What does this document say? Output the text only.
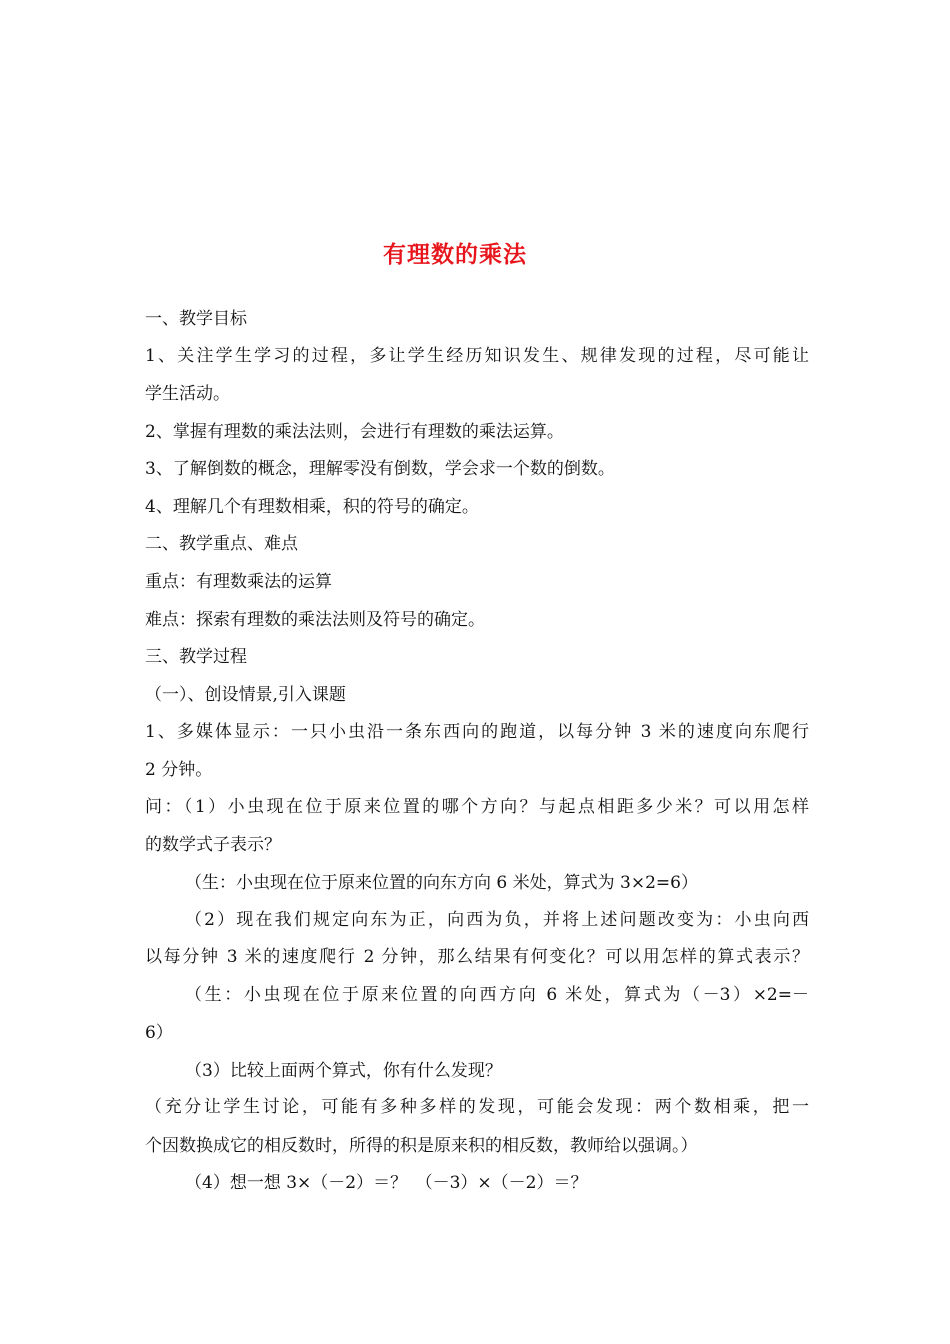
有理数的乘法

一、教学目标

1、关注学生学习的过程，多让学生经历知识发生、规律发现的过程，尽可能让

学生活动。

2、掌握有理数的乘法法则，会进行有理数的乘法运算。

3、了解倒数的概念，理解零没有倒数，学会求一个数的倒数。

4、理解几个有理数相乘，积的符号的确定。

二、教学重点、难点

重点：有理数乘法的运算

难点：探索有理数的乘法法则及符号的确定。

三、教学过程

（一）、创设情景,引入课题

1、多媒体显示：一只小虫沿一条东西向的跑道，以每分钟 3 米的速度向东爬行

2 分钟。

问：（1）小虫现在位于原来位置的哪个方向？与起点相距多少米？可以用怎样

的数学式子表示？

（生：小虫现在位于原来位置的向东方向 6 米处，算式为 3×2=6）

（2）现在我们规定向东为正，向西为负，并将上述问题改变为：小虫向西

以每分钟 3 米的速度爬行 2 分钟，那么结果有何变化？可以用怎样的算式表示？

（生：小虫现在位于原来位置的向西方向 6 米处，算式为（－3）×2=－

6）

（3）比较上面两个算式，你有什么发现？

（充分让学生讨论，可能有多种多样的发现，可能会发现：两个数相乘，把一

个因数换成它的相反数时，所得的积是原来积的相反数，教师给以强调。）

（4）想一想 3×（－2）＝？　（－3）×（－2）＝？
